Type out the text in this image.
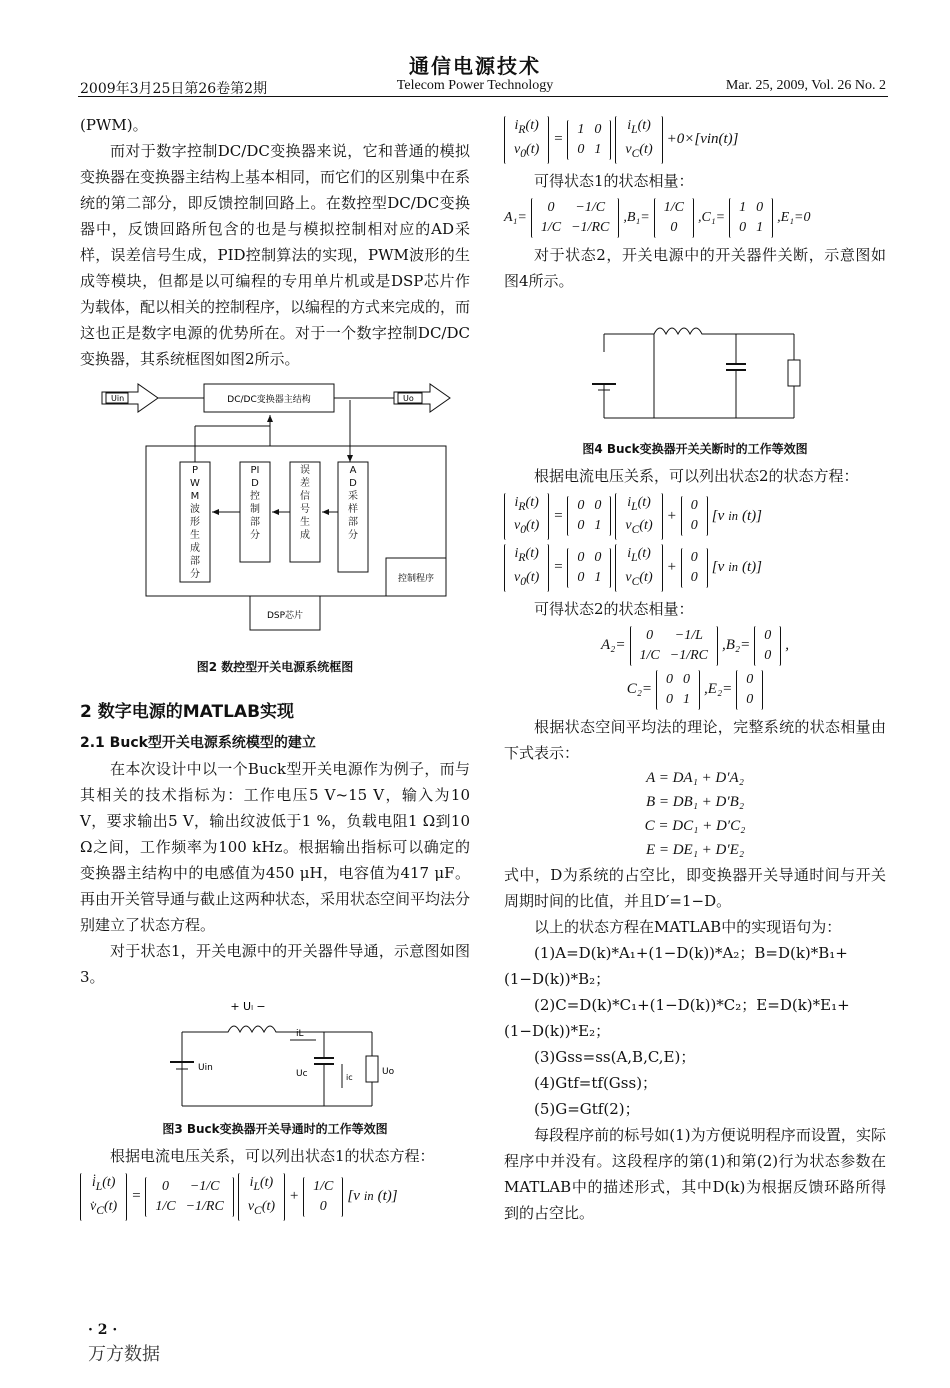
通信电源技术
2009年3月25日第26卷第2期	Telecom Power Technology	Mar. 25, 2009, Vol. 26 No. 2

(PWM)。

而对于数字控制DC/DC变换器来说，它和普通的模拟变换器在变换器主结构上基本相同，而它们的区别集中在系统的第二部分，即反馈控制回路上。在数控型DC/DC变换器中，反馈回路所包含的也是与模拟控制相对应的AD采样，误差信号生成，PID控制算法的实现，PWM波形的生成等模块，但都是以可编程的专用单片机或是DSP芯片作为载体，配以相关的控制程序，以编程的方式来完成的，而这也正是数字电源的优势所在。对于一个数字控制DC/DC变换器，其系统框图如图2所示。

Uin	DC/DC变换器主结构	Uo
PWM 波 形 生 成 部 分
PID 控 制 部 分
误 差 信 号 生 成
AD 采 样 部 分
控制程序
DSP芯片
图2 数控型开关电源系统框图
2 数字电源的MATLAB实现
2.1 Buck型开关电源系统模型的建立

在本次设计中以一个Buck型开关电源作为例子，而与其相关的技术指标为：工作电压5 V~15 V，输入为10 V，要求输出5 V，输出纹波低于1 %，负载电阻1 Ω到10 Ω之间，工作频率为100 kHz。根据输出指标可以确定的变换器主结构中的电感值为450 μH，电容值为417 μF。再由开关管导通与截止这两种状态，采用状态空间平均法分别建立了状态方程。

对于状态1，开关电源中的开关器件导通，示意图如图3。

+ Uₗ −
iL
Uin
Uc	ic
Uo
图3 Buck变换器开关导通时的工作等效图

根据电流电压关系，可以列出状态1的状态方程：

$i̇_L(t)$
$v̇_C(t)$
=
0	−1/C
1/C	−1/RC
$i_L(t)$
$v_C(t)$
+
1/C
0
[v in (t)]
$i_R(t)$
$v_0(t)$
=
1	0
0	1
$i_L(t)$
$v_C(t)$
+0×[vin(t)]

可得状态1的状态相量：

A₁=
0	−1/C
1/C	−1/RC
,B₁=
1/C
0
,C₁=
1	0
0	1
,E₁=0

对于状态2，开关电源中的开关器件关断，示意图如图4所示。

图4 Buck变换器开关关断时的工作等效图

根据电流电压关系，可以列出状态2的状态方程：

$i_R(t)$
$v_0(t)$
=
0	0
0	1
$i_L(t)$
$v_C(t)$
+
0
0
[v in (t)]
$i_R(t)$
$v_0(t)$
=
0	0
0	1
$i_L(t)$
$v_C(t)$
+
0
0
[v in (t)]

可得状态2的状态相量：

A₂=
0	−1/L
1/C	−1/RC
,B₂=
0
0
,
C₂=
0	0
0	1
,E₂=
0
0

根据状态空间平均法的理论，完整系统的状态相量由下式表示：

A = DA₁ + D′A₂
B = DB₁ + D′B₂
C = DC₁ + D′C₂
E = DE₁ + D′E₂

式中，D为系统的占空比，即变换器开关导通时间与开关周期时间的比值，并且D′=1−D。

以上的状态方程在MATLAB中的实现语句为：

(1)A=D(k)*A₁+(1−D(k))*A₂；B=D(k)*B₁+(1−D(k))*B₂；

(2)C=D(k)*C₁+(1−D(k))*C₂；E=D(k)*E₁+(1−D(k))*E₂；

(3)Gss=ss(A,B,C,E)；

(4)Gtf=tf(Gss)；

(5)G=Gtf(2)；

每段程序前的标号如(1)为方便说明程序而设置，实际程序中并没有。这段程序的第(1)和第(2)行为状态参数在MATLAB中的描述形式，其中D(k)为根据反馈环路所得到的占空比。

· 2 ·
万方数据
